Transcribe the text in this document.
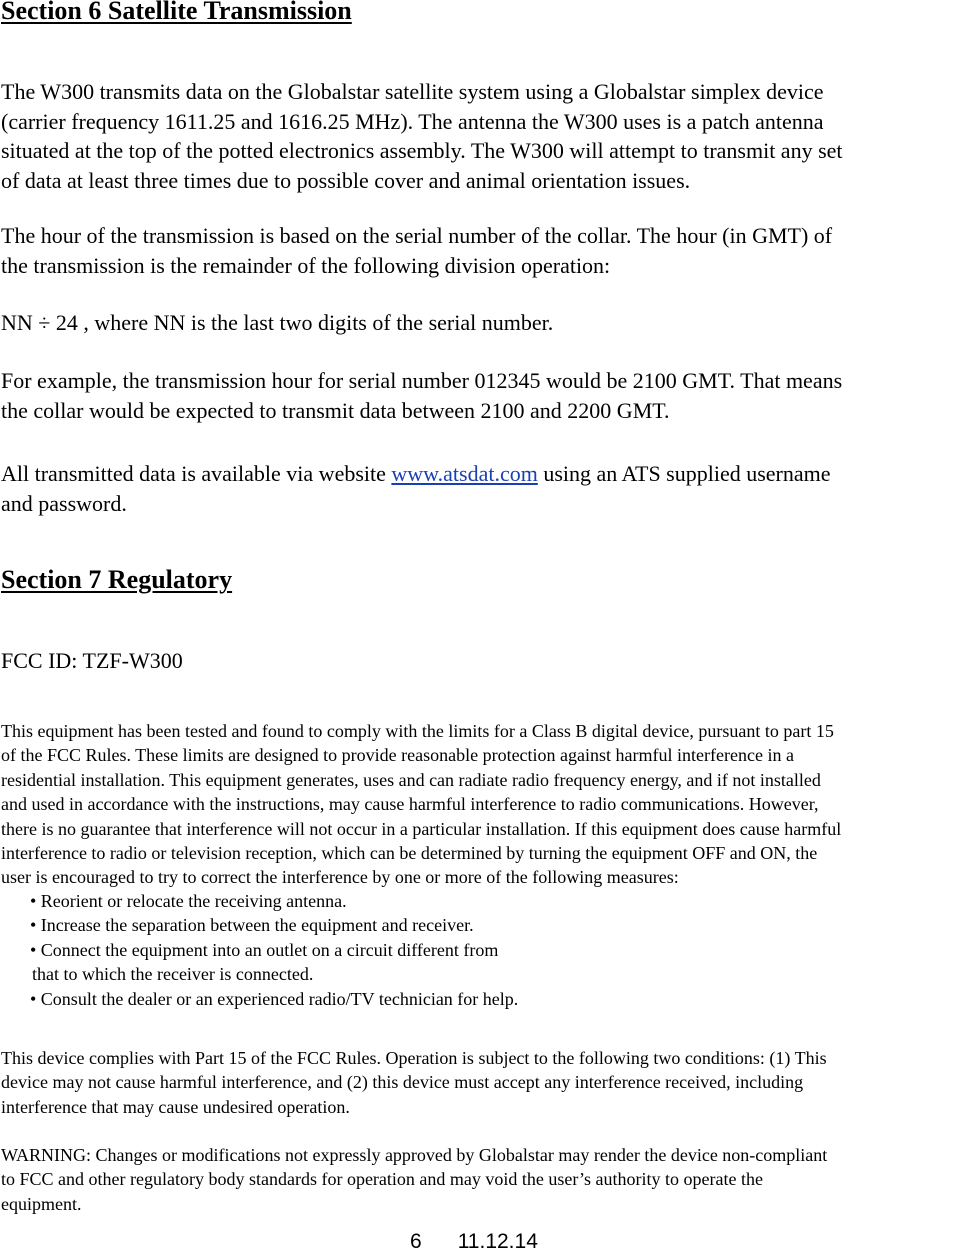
Section 6 Satellite Transmission

The W300 transmits data on the Globalstar satellite system using a Globalstar simplex device
(carrier frequency 1611.25 and 1616.25 MHz). The antenna the W300 uses is a patch antenna
situated at the top of the potted electronics assembly. The W300 will attempt to transmit any set
of data at least three times due to possible cover and animal orientation issues.

The hour of the transmission is based on the serial number of the collar. The hour (in GMT) of
the transmission is the remainder of the following division operation:

NN ÷ 24 , where NN is the last two digits of the serial number.

For example, the transmission hour for serial number 012345 would be 2100 GMT. That means
the collar would be expected to transmit data between 2100 and 2200 GMT.

All transmitted data is available via website www.atsdat.com using an ATS supplied username
and password.

Section 7 Regulatory

FCC ID: TZF-W300

This equipment has been tested and found to comply with the limits for a Class B digital device, pursuant to part 15
of the FCC Rules. These limits are designed to provide reasonable protection against harmful interference in a
residential installation. This equipment generates, uses and can radiate radio frequency energy, and if not installed
and used in accordance with the instructions, may cause harmful interference to radio communications. However,
there is no guarantee that interference will not occur in a particular installation. If this equipment does cause harmful
interference to radio or television reception, which can be determined by turning the equipment OFF and ON, the
user is encouraged to try to correct the interference by one or more of the following measures:

• Reorient or relocate the receiving antenna.
• Increase the separation between the equipment and receiver.
• Connect the equipment into an outlet on a circuit different from
that to which the receiver is connected.
• Consult the dealer or an experienced radio/TV technician for help.

This device complies with Part 15 of the FCC Rules. Operation is subject to the following two conditions: (1) This
device may not cause harmful interference, and (2) this device must accept any interference received, including
interference that may cause undesired operation.

WARNING: Changes or modifications not expressly approved by Globalstar may render the device non-compliant
to FCC and other regulatory body standards for operation and may void the user’s authority to operate the
equipment.

6 11.12.14
